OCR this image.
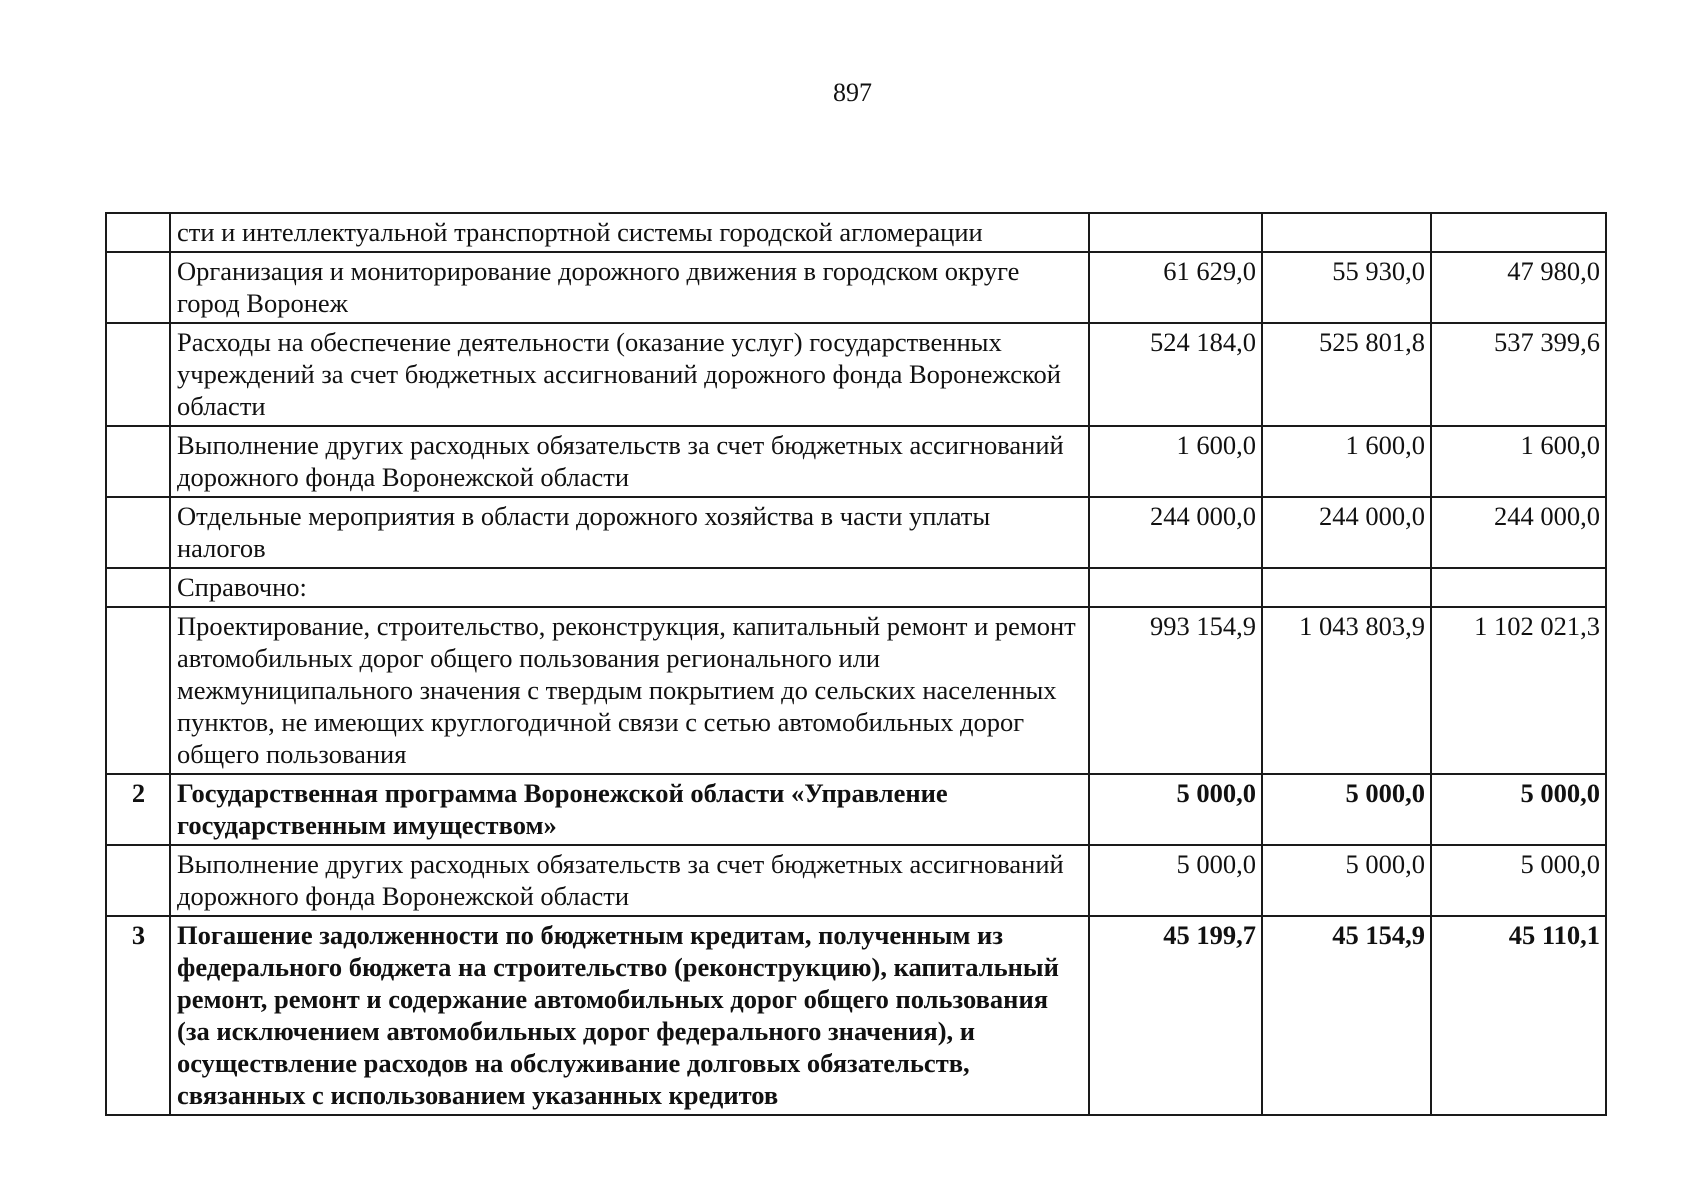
897
	сти и интеллектуальной транспортной системы городской агломерации			
	Организация и мониторирование дорожного движения в городском округе город Воронеж	61 629,0	55 930,0	47 980,0
	Расходы на обеспечение деятельности (оказание услуг) государственных учреждений за счет бюджетных ассигнований дорожного фонда Воронежской области	524 184,0	525 801,8	537 399,6
	Выполнение других расходных обязательств за счет бюджетных ассигнований дорожного фонда Воронежской области	1 600,0	1 600,0	1 600,0
	Отдельные мероприятия в области дорожного хозяйства в части уплаты налогов	244 000,0	244 000,0	244 000,0
	Справочно:			
	Проектирование, строительство, реконструкция, капитальный ремонт и ремонт автомобильных дорог общего пользования регионального или межмуниципального значения с твердым покрытием до сельских населенных пунктов, не имеющих круглогодичной связи с сетью автомобильных дорог общего пользования	993 154,9	1 043 803,9	1 102 021,3
2	Государственная программа Воронежской области «Управление государственным имуществом»	5 000,0	5 000,0	5 000,0
	Выполнение других расходных обязательств за счет бюджетных ассигнований дорожного фонда Воронежской области	5 000,0	5 000,0	5 000,0
3	Погашение задолженности по бюджетным кредитам, полученным из федерального бюджета на строительство (реконструкцию), капитальный ремонт, ремонт и содержание автомобильных дорог общего пользования (за исключением автомобильных дорог федерального значения), и осуществление расходов на обслуживание долговых обязательств, связанных с использованием указанных кредитов	45 199,7	45 154,9	45 110,1
